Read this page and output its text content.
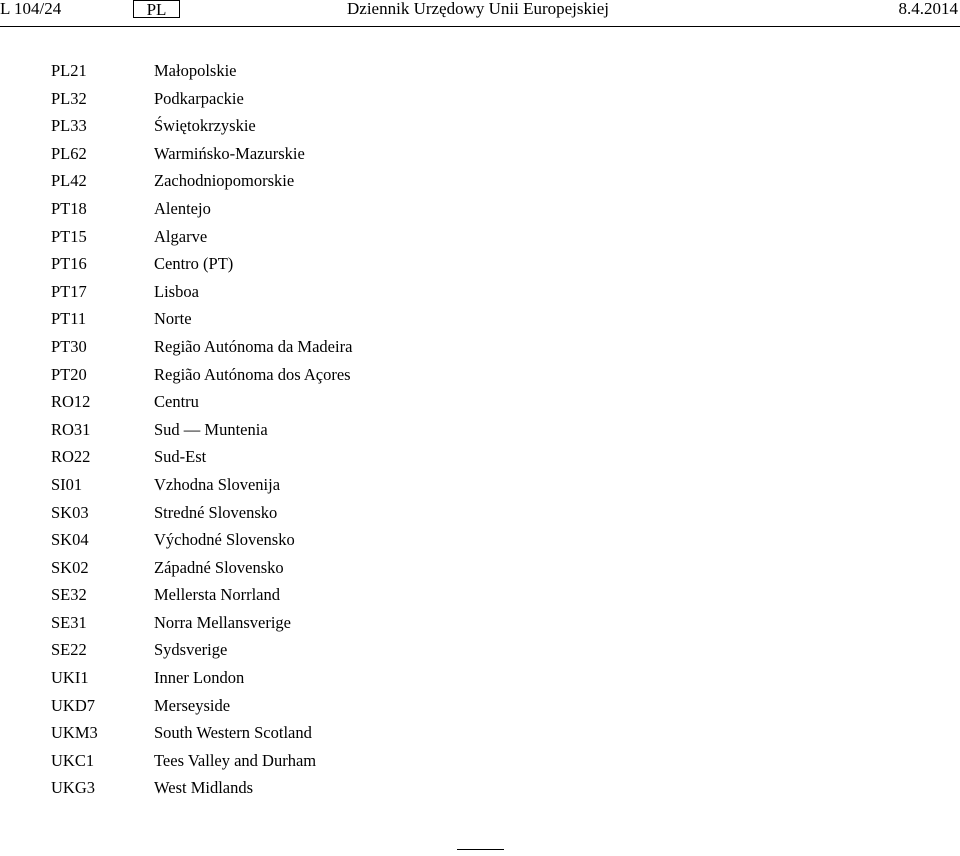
L 104/24	PL	Dziennik Urzędowy Unii Europejskiej	8.4.2014
PL21	Małopolskie
PL32	Podkarpackie
PL33	Świętokrzyskie
PL62	Warmińsko-Mazurskie
PL42	Zachodniopomorskie
PT18	Alentejo
PT15	Algarve
PT16	Centro (PT)
PT17	Lisboa
PT11	Norte
PT30	Região Autónoma da Madeira
PT20	Região Autónoma dos Açores
RO12	Centru
RO31	Sud — Muntenia
RO22	Sud-Est
SI01	Vzhodna Slovenija
SK03	Stredné Slovensko
SK04	Východné Slovensko
SK02	Západné Slovensko
SE32	Mellersta Norrland
SE31	Norra Mellansverige
SE22	Sydsverige
UKI1	Inner London
UKD7	Merseyside
UKM3	South Western Scotland
UKC1	Tees Valley and Durham
UKG3	West Midlands
